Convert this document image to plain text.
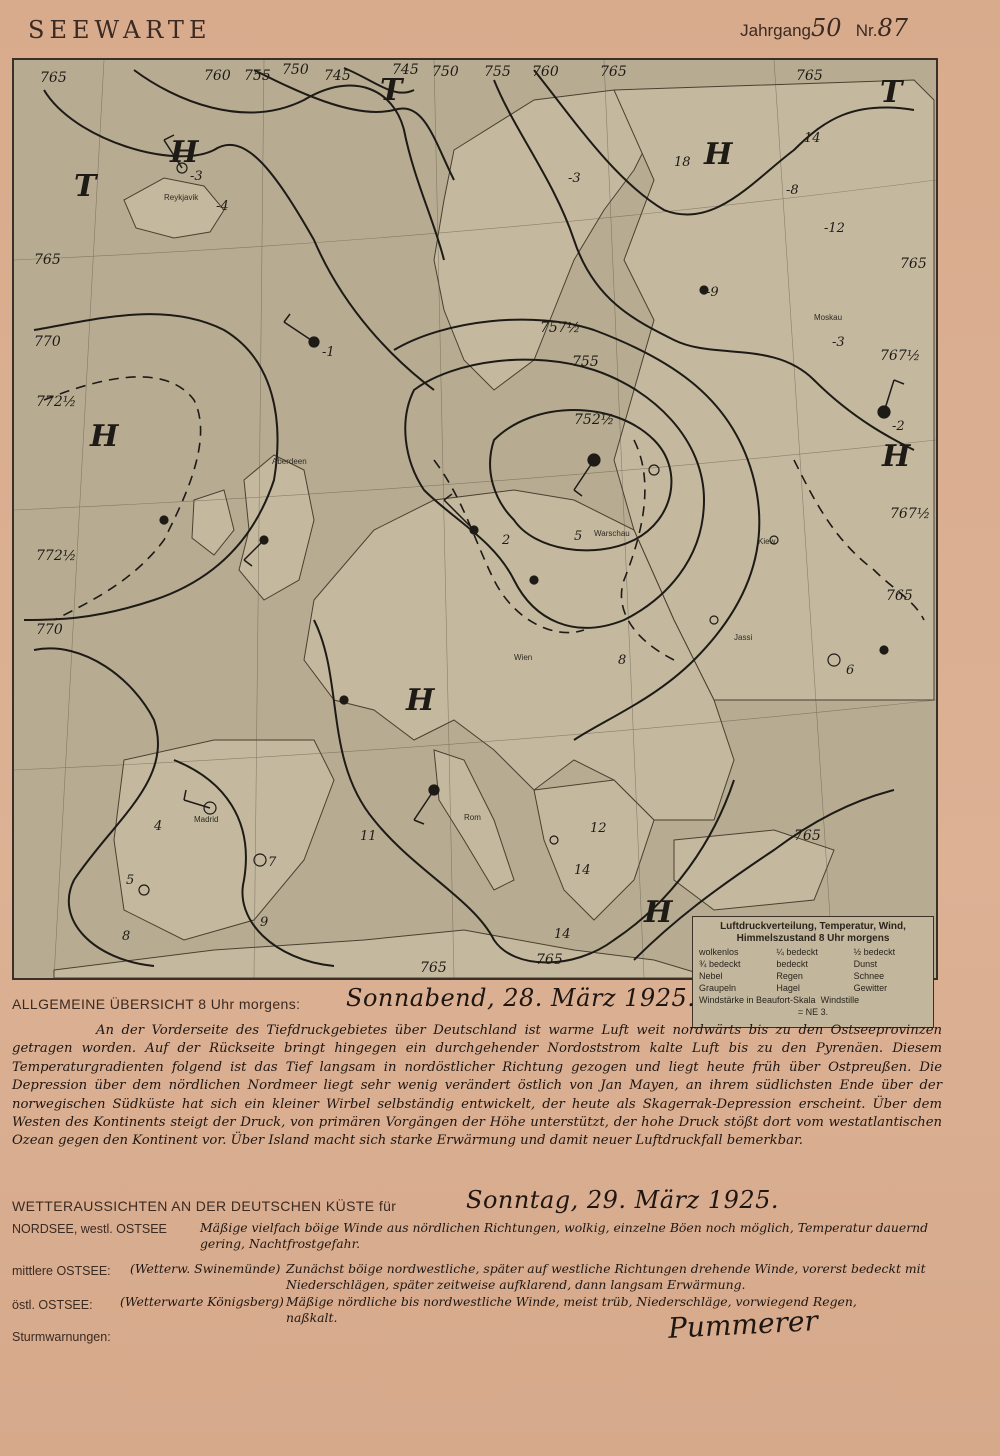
SEEWARTE	Jahrgang50 Nr.87
765	760 755 750 745	745 750 755 760	765	765
765
770
772½
772½
770
757½
755
752½
767½
767½
765
765
765
765	765
H	H
H
H
T
T	T
H
H
-3
-4
-1
-3
-2
-9
18
14
-12
-8
-3
5
2
6
11
9
7
8
12
14
14
4
8
5
Reykjavik
Aberdeen
Wien
Warschau
Madrid	Rom
Jassi
Kiew
Moskau
Luftdruckverteilung, Temperatur, Wind, Himmelszustand 8 Uhr morgens
wolkenlos	¼ bedeckt	½ bedeckt
¾ bedeckt	bedeckt	Dunst
Nebel	Regen	Schnee
Graupeln	Hagel	Gewitter
Windstärke in Beaufort-Skala Windstille
= NE 3.
ALLGEMEINE ÜBERSICHT 8 Uhr morgens: Sonnabend, 28. März 1925.
An der Vorderseite des Tiefdruckgebietes über Deutschland ist warme Luft weit nordwärts bis zu den Ostseeprovinzen getragen worden. Auf der Rückseite bringt hingegen ein durchgehender Nordoststrom kalte Luft bis zu den Pyrenäen. Diesem Temperaturgradienten folgend ist das Tief langsam in nordöstlicher Richtung gezogen und liegt heute früh über Ostpreußen. Die Depression über dem nördlichen Nordmeer liegt sehr wenig verändert östlich von Jan Mayen, an ihrem südlichsten Ende über der norwegischen Südküste hat sich ein kleiner Wirbel selbständig entwickelt, der heute als Skagerrak-Depression erscheint. Über dem Westen des Kontinents steigt der Druck, von primären Vorgängen der Höhe unterstützt, der hohe Druck stößt dort vom westatlantischen Ozean gegen den Kontinent vor. Über Island macht sich starke Erwärmung und damit neuer Luftdruckfall bemerkbar.
WETTERAUSSICHTEN AN DER DEUTSCHEN KÜSTE für	Sonntag, 29. März 1925.
NORDSEE, westl. OSTSEE	Mäßige vielfach böige Winde aus nördlichen Richtungen, wolkig, einzelne Böen noch möglich, Temperatur dauernd gering, Nachtfrostgefahr.
mittlere OSTSEE: (Wetterw. Swinemünde) Zunächst böige nordwestliche, später auf westliche Richtungen drehende Winde, vorerst bedeckt mit Niederschlägen, später zeitweise aufklarend, dann langsam Erwärmung.
östl. OSTSEE: (Wetterwarte Königsberg) Mäßige nördliche bis nordwestliche Winde, meist trüb, Niederschläge, vorwiegend Regen, naßkalt.
Sturmwarnungen:	Pummerer
